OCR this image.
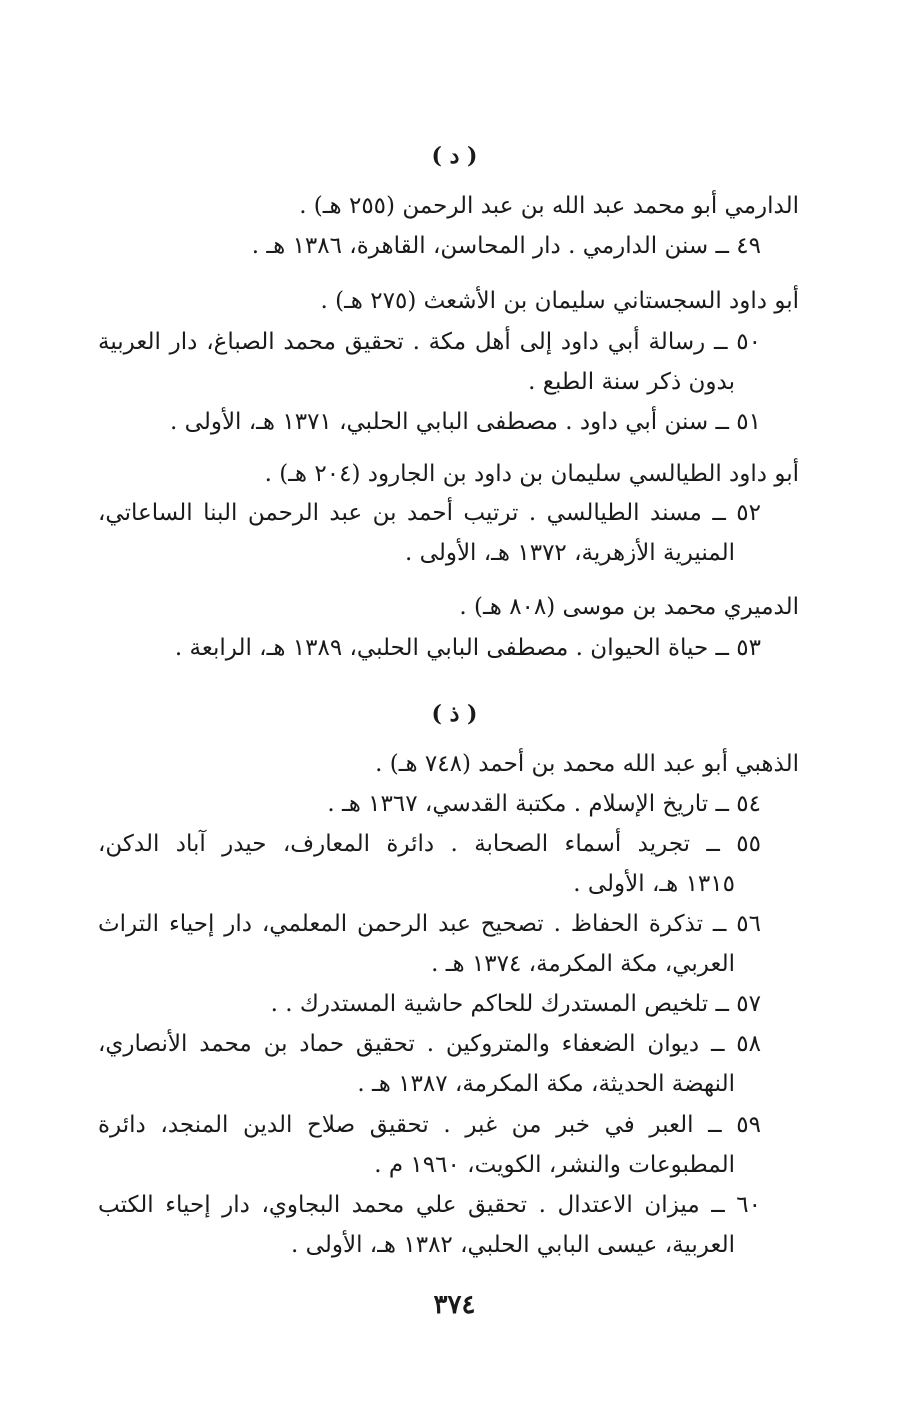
( د )
الدارمي أبو محمد عبد الله بن عبد الرحمن (٢٥٥ هـ) .
٤٩ ــ سنن الدارمي . دار المحاسن، القاهرة، ١٣٨٦ هـ .
أبو داود السجستاني سليمان بن الأشعث (٢٧٥ هـ) .
٥٠ ــ رسالة أبي داود إلى أهل مكة . تحقيق محمد الصباغ، دار العربية
بدون ذكر سنة الطبع .
٥١ ــ سنن أبي داود . مصطفى البابي الحلبي، ١٣٧١ هـ، الأولى .
أبو داود الطيالسي سليمان بن داود بن الجارود (٢٠٤ هـ) .
٥٢ ــ مسند الطيالسي . ترتيب أحمد بن عبد الرحمن البنا الساعاتي،
المنيرية الأزهرية، ١٣٧٢ هـ، الأولى .
الدميري محمد بن موسى (٨٠٨ هـ) .
٥٣ ــ حياة الحيوان . مصطفى البابي الحلبي، ١٣٨٩ هـ، الرابعة .
( ذ )
الذهبي أبو عبد الله محمد بن أحمد (٧٤٨ هـ) .
٥٤ ــ تاريخ الإسلام . مكتبة القدسي، ١٣٦٧ هـ .
٥٥ ــ تجريد أسماء الصحابة . دائرة المعارف، حيدر آباد الدكن،
١٣١٥ هـ، الأولى .
٥٦ ــ تذكرة الحفاظ . تصحيح عبد الرحمن المعلمي، دار إحياء التراث
العربي، مكة المكرمة، ١٣٧٤ هـ .
٥٧ ــ تلخيص المستدرك للحاكم حاشية المستدرك . .
٥٨ ــ ديوان الضعفاء والمتروكين . تحقيق حماد بن محمد الأنصاري،
النهضة الحديثة، مكة المكرمة، ١٣٨٧ هـ .
٥٩ ــ العبر في خبر من غبر . تحقيق صلاح الدين المنجد، دائرة
المطبوعات والنشر، الكويت، ١٩٦٠ م .
٦٠ ــ ميزان الاعتدال . تحقيق علي محمد البجاوي، دار إحياء الكتب
العربية، عيسى البابي الحلبي، ١٣٨٢ هـ، الأولى .
٣٧٤
